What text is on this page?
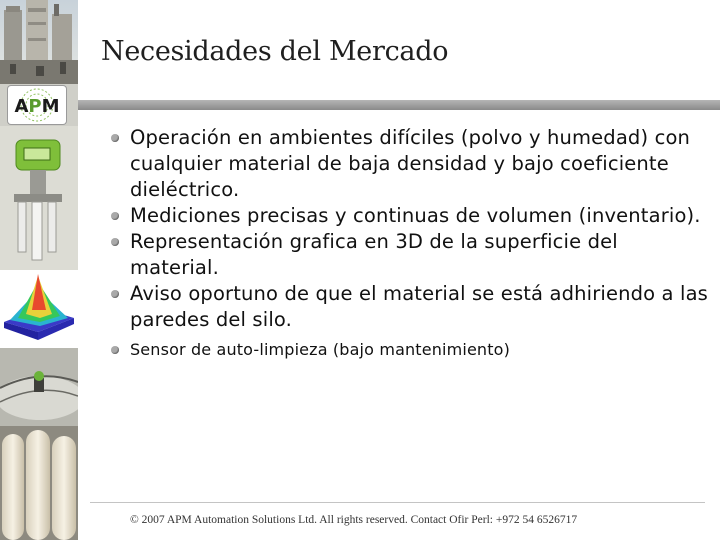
APM
Necesidades del Mercado
Operación en ambientes difíciles (polvo y humedad) con cualquier material de baja densidad y bajo coeficiente dieléctrico.
Mediciones precisas y continuas de volumen (inventario).
Representación grafica en 3D de la superficie del material.
Aviso oportuno de que el material se está adhiriendo a las paredes del silo.
Sensor de auto-limpieza (bajo mantenimiento)
© 2007 APM Automation Solutions Ltd. All rights reserved. Contact Ofir Perl: +972 54 6526717
